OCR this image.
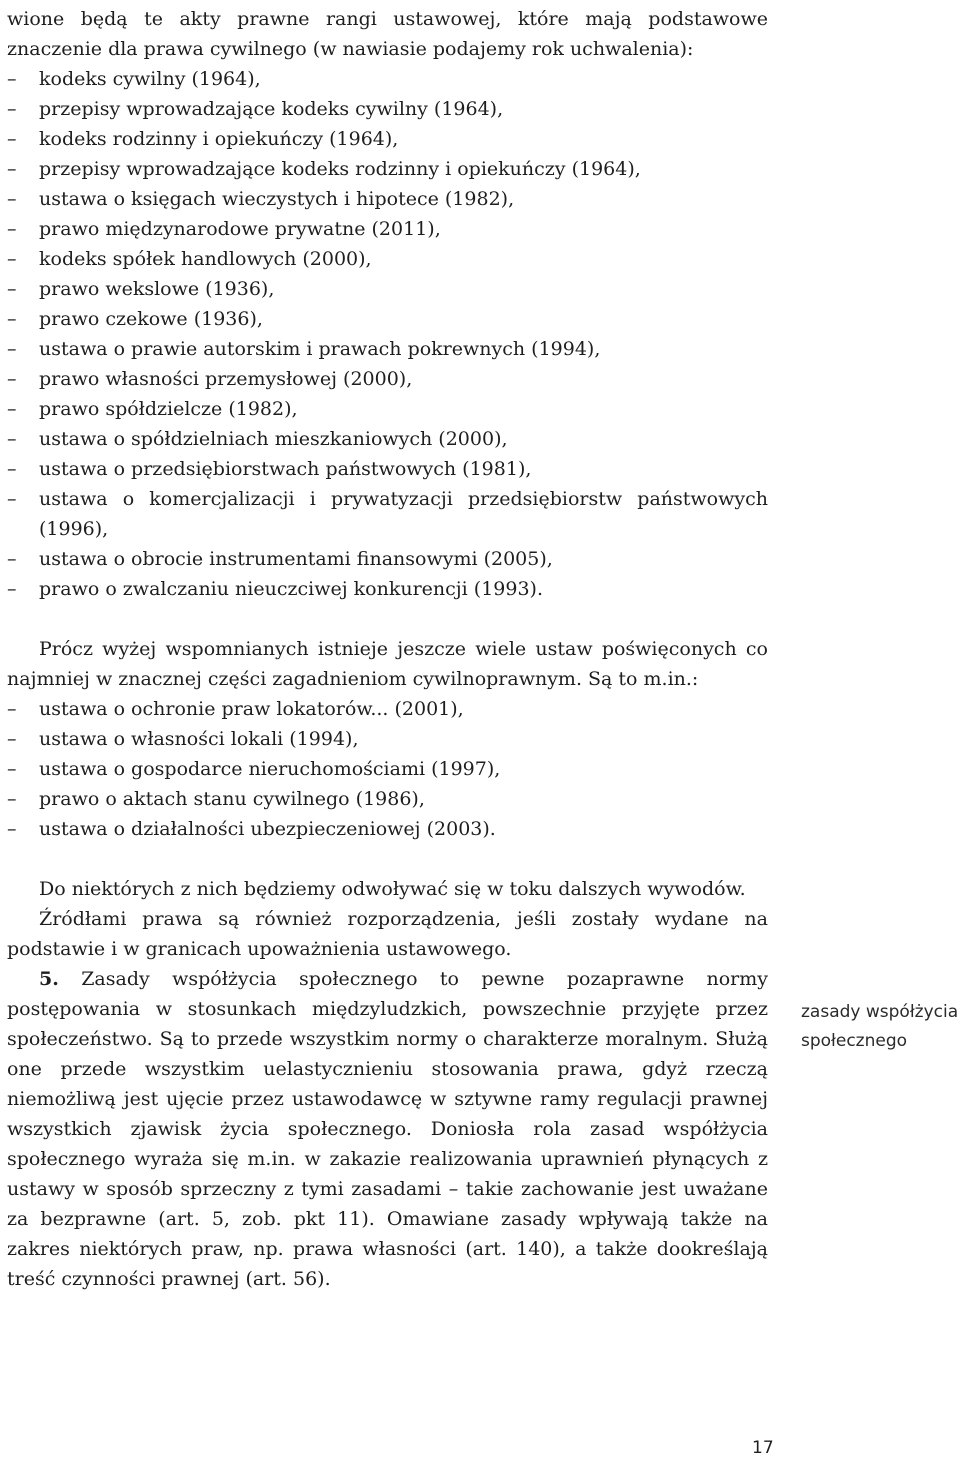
wione będą te akty prawne rangi ustawowej, które mają podstawowe znaczenie dla prawa cywilnego (w nawiasie podajemy rok uchwalenia):

–	kodeks cywilny (1964),
–	przepisy wprowadzające kodeks cywilny (1964),
–	kodeks rodzinny i opiekuńczy (1964),
–	przepisy wprowadzające kodeks rodzinny i opiekuńczy (1964),
–	ustawa o księgach wieczystych i hipotece (1982),
–	prawo międzynarodowe prywatne (2011),
–	kodeks spółek handlowych (2000),
–	prawo wekslowe (1936),
–	prawo czekowe (1936),
–	ustawa o prawie autorskim i prawach pokrewnych (1994),
–	prawo własności przemysłowej (2000),
–	prawo spółdzielcze (1982),
–	ustawa o spółdzielniach mieszkaniowych (2000),
–	ustawa o przedsiębiorstwach państwowych (1981),
–	ustawa o komercjalizacji i prywatyzacji przedsiębiorstw państwowych (1996),
–	ustawa o obrocie instrumentami finansowymi (2005),
–	prawo o zwalczaniu nieuczciwej konkurencji (1993).

Prócz wyżej wspomnianych istnieje jeszcze wiele ustaw poświęconych co najmniej w znacznej części zagadnieniom cywilnoprawnym. Są to m.in.:

–	ustawa o ochronie praw lokatorów... (2001),
–	ustawa o własności lokali (1994),
–	ustawa o gospodarce nieruchomościami (1997),
–	prawo o aktach stanu cywilnego (1986),
–	ustawa o działalności ubezpieczeniowej (2003).

Do niektórych z nich będziemy odwoływać się w toku dalszych wywodów.

Źródłami prawa są również rozporządzenia, jeśli zostały wydane na podstawie i w granicach upoważnienia ustawowego.

5. Zasady współżycia społecznego to pewne pozaprawne normy postępowania w stosunkach międzyludzkich, powszechnie przyjęte przez społeczeństwo. Są to przede wszystkim normy o charakterze moralnym. Służą one przede wszystkim uelastycznieniu stosowania prawa, gdyż rzeczą niemożliwą jest ujęcie przez ustawodawcę w sztywne ramy regulacji prawnej wszystkich zjawisk życia społecznego. Doniosła rola zasad współżycia społecznego wyraża się m.in. w zakazie realizowania uprawnień płynących z ustawy w sposób sprzeczny z tymi zasadami – takie zachowanie jest uważane za bezprawne (art. 5, zob. pkt 11). Omawiane zasady wpływają także na zakres niektórych praw, np. prawa własności (art. 140), a także dookreślają treść czynności prawnej (art. 56).

zasady współżycia
społecznego
17
